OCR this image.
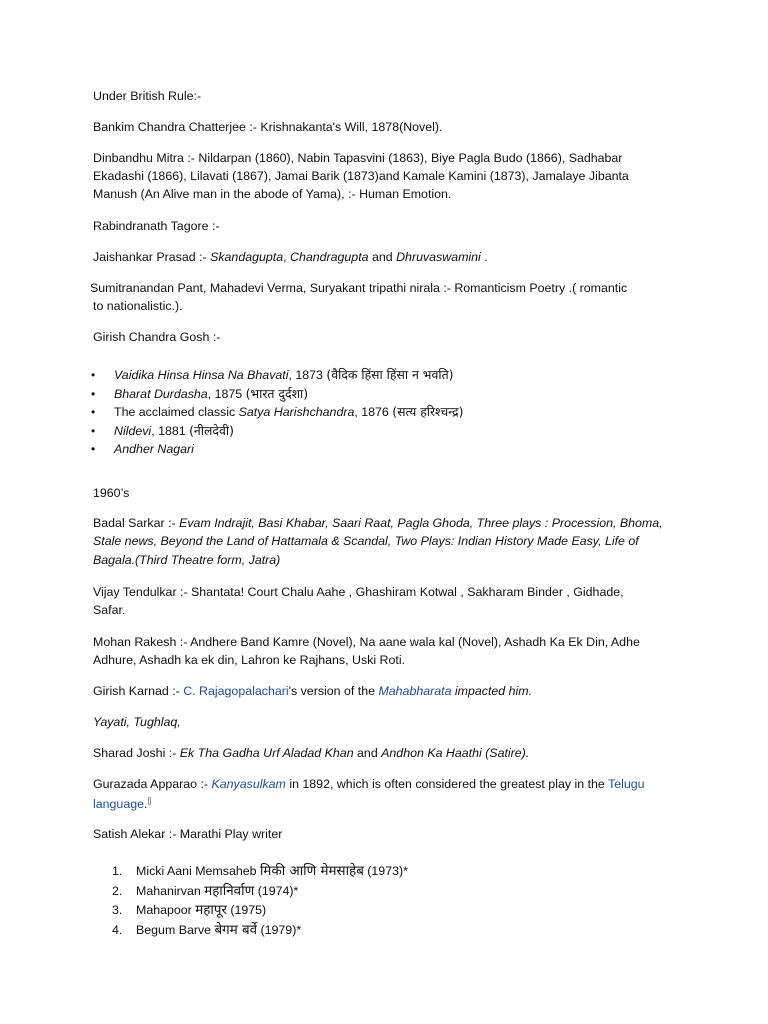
Under British Rule:-
Bankim Chandra Chatterjee :- Krishnakanta's Will, 1878(Novel).
Dinbandhu Mitra :- Nildarpan (1860), Nabin Tapasvini (1863), Biye Pagla Budo (1866), Sadhabar
Ekadashi (1866), Lilavati (1867), Jamai Barik (1873)and Kamale Kamini (1873), Jamalaye Jibanta
Manush (An Alive man in the abode of Yama), :- Human Emotion.
Rabindranath Tagore :-
Jaishankar Prasad :- Skandagupta, Chandragupta and Dhruvaswamini .
Sumitranandan Pant, Mahadevi Verma, Suryakant tripathi nirala :- Romanticism Poetry .( romantic
to nationalistic.).
Girish Chandra Gosh :-
• Vaidika Hinsa Hinsa Na Bhavati, 1873 (वैदिक हिंसा हिंसा न भवति)
• Bharat Durdasha, 1875 (भारत दुर्दशा)
• The acclaimed classic Satya Harishchandra, 1876 (सत्य हरिश्चन्द्र)
• Nildevi, 1881 (नीलदेवी)
• Andher Nagari
1960’s
Badal Sarkar :- Evam Indrajit, Basi Khabar, Saari Raat, Pagla Ghoda, Three plays : Procession, Bhoma,
Stale news, Beyond the Land of Hattamala & Scandal, Two Plays: Indian History Made Easy, Life of
Bagala.(Third Theatre form, Jatra)
Vijay Tendulkar :- Shantata! Court Chalu Aahe , Ghashiram Kotwal , Sakharam Binder , Gidhade,
Safar.
Mohan Rakesh :- Andhere Band Kamre (Novel), Na aane wala kal (Novel), Ashadh Ka Ek Din, Adhe
Adhure, Ashadh ka ek din, Lahron ke Rajhans, Uski Roti.
Girish Karnad :- C. Rajagopalachari's version of the Mahabharata impacted him.
Yayati, Tughlaq,
Sharad Joshi :- Ek Tha Gadha Urf Aladad Khan and Andhon Ka Haathi (Satire).
Gurazada Apparao :- Kanyasulkam in 1892, which is often considered the greatest play in the Telugu
language.[]
Satish Alekar :- Marathi Play writer
1. Micki Aani Memsaheb मिकी आणि मेमसाहेब (1973)*
2. Mahanirvan महानिर्वाण (1974)*
3. Mahapoor महापूर (1975)
4. Begum Barve बेगम बर्वे (1979)*
